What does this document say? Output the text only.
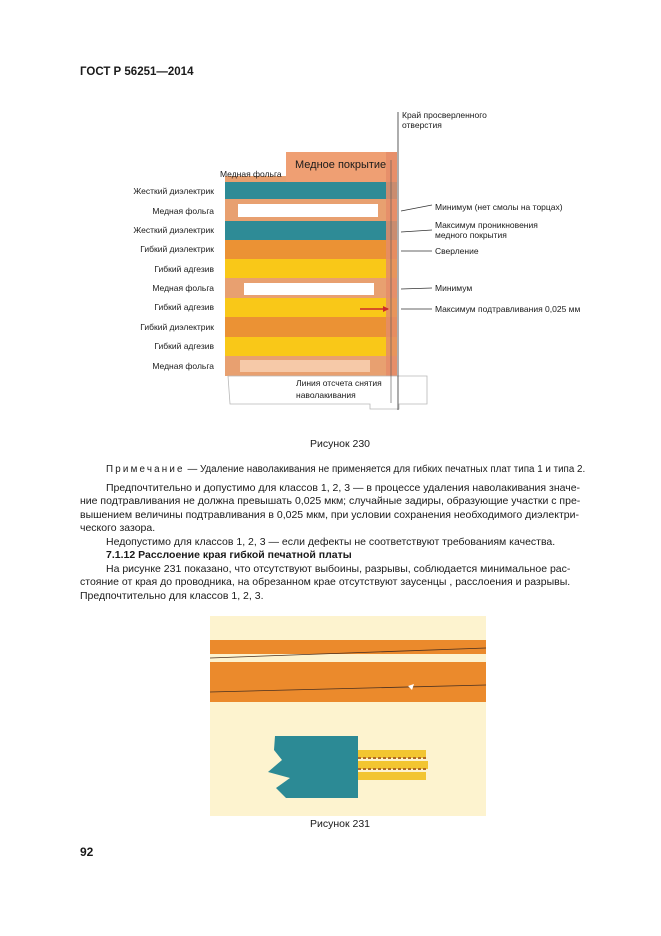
ГОСТ Р 56251—2014
Край просверленного
отверстия
Медное покрытие
Медная фольга
Жесткий диэлектрик
Медная фольга
Жесткий диэлектрик
Гибкий диэлектрик
Гибкий адгезив
Медная фольга
Гибкий адгезив
Гибкий диэлектрик
Гибкий адгезив
Медная фольга
Минимум (нет смолы на торцах)
Максимум проникновения
медного покрытия
Сверление
Минимум
Максимум подтравливания 0,025 мм
Линия отсчета снятия
наволакивания
Рисунок 230
Примечание — Удаление наволакивания не применяется для гибких печатных плат типа 1 и типа 2.
Предпочтительно и допустимо для классов 1, 2, 3 — в процессе удаления наволакивания значе-
ние подтравливания не должна превышать 0,025 мкм; случайные задиры, образующие участки с пре-
вышением величины подтравливания в 0,025 мкм, при условии сохранения необходимого диэлектри-
ческого зазора.
Недопустимо для классов 1, 2, 3 — если дефекты не соответствуют требованиям качества.
7.1.12 Расслоение края гибкой печатной платы
На рисунке 231 показано, что отсутствуют выбоины, разрывы, соблюдается минимальное рас-
стояние от края до проводника, на обрезанном крае отсутствуют заусенцы , расслоения и разрывы.
Предпочтительно для классов 1, 2, 3.
Рисунок 231
92
